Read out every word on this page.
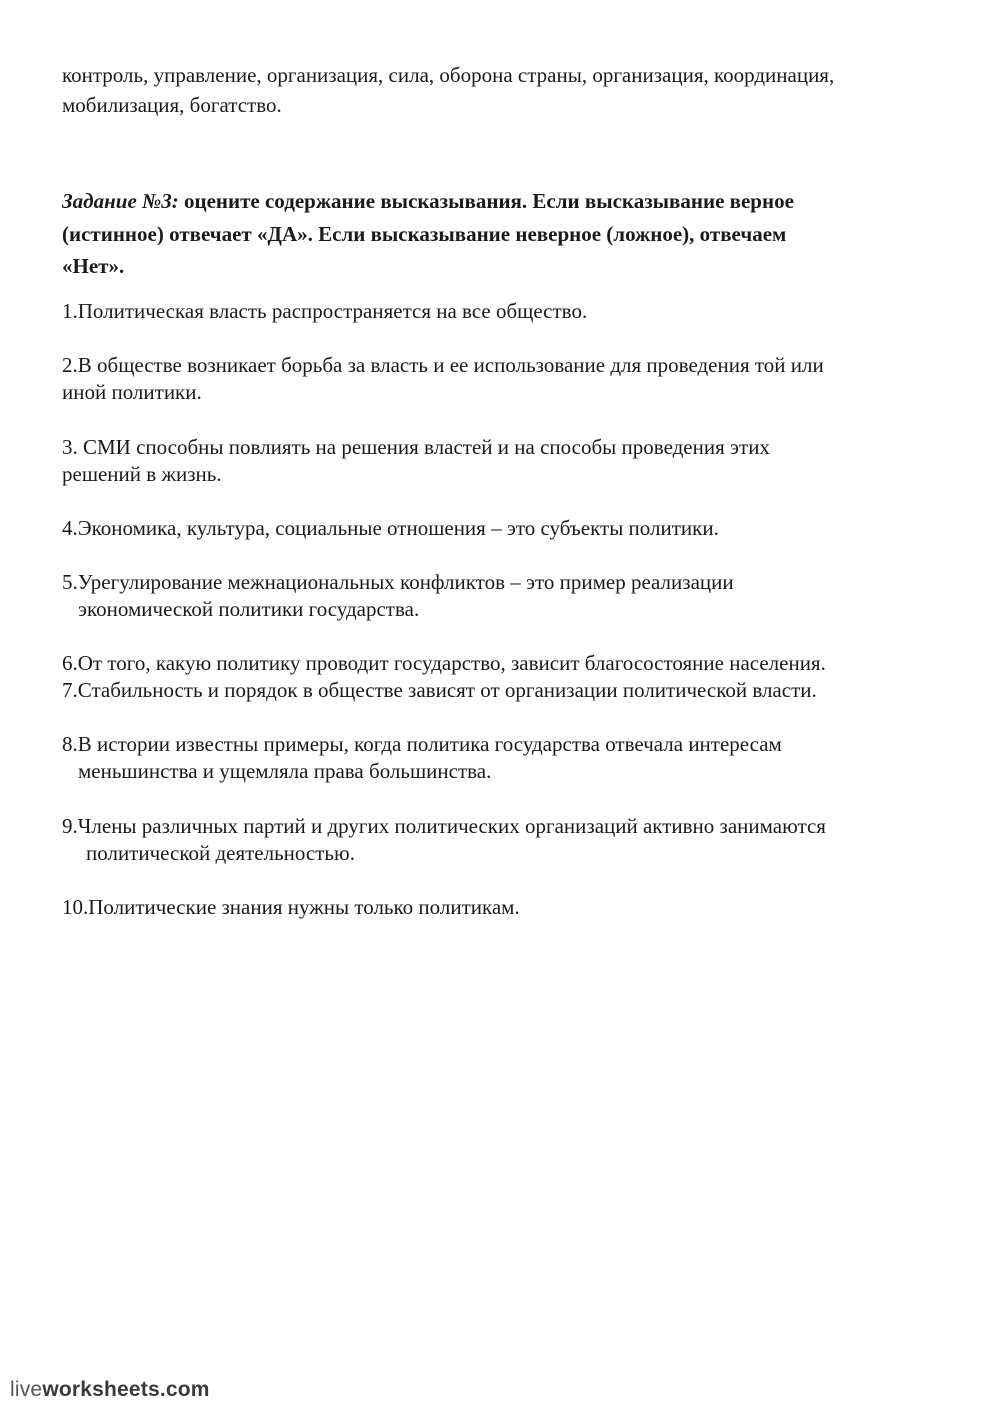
контроль, управление, организация, сила, оборона страны, организация, координация,
мобилизация, богатство.
Задание №3: оцените содержание высказывания. Если высказывание верное
(истинное) отвечает «ДА». Если высказывание неверное (ложное), отвечаем
«Нет».
1.Политическая власть распространяется на все общество.
2.В обществе возникает борьба за власть и ее использование для проведения той или
иной политики.
3. СМИ способны повлиять на решения властей и на способы проведения этих
решений в жизнь.
4.Экономика, культура, социальные отношения – это субъекты политики.
5.Урегулирование межнациональных конфликтов – это пример реализации
экономической политики государства.
6.От того, какую политику проводит государство, зависит благосостояние населения.
7.Стабильность и порядок в обществе зависят от организации политической власти.
8.В истории известны примеры, когда политика государства отвечала интересам
меньшинства и ущемляла права большинства.
9.Члены различных партий и других политических организаций активно занимаются
политической деятельностью.
10.Политические знания нужны только политикам.
liveworksheets.com
